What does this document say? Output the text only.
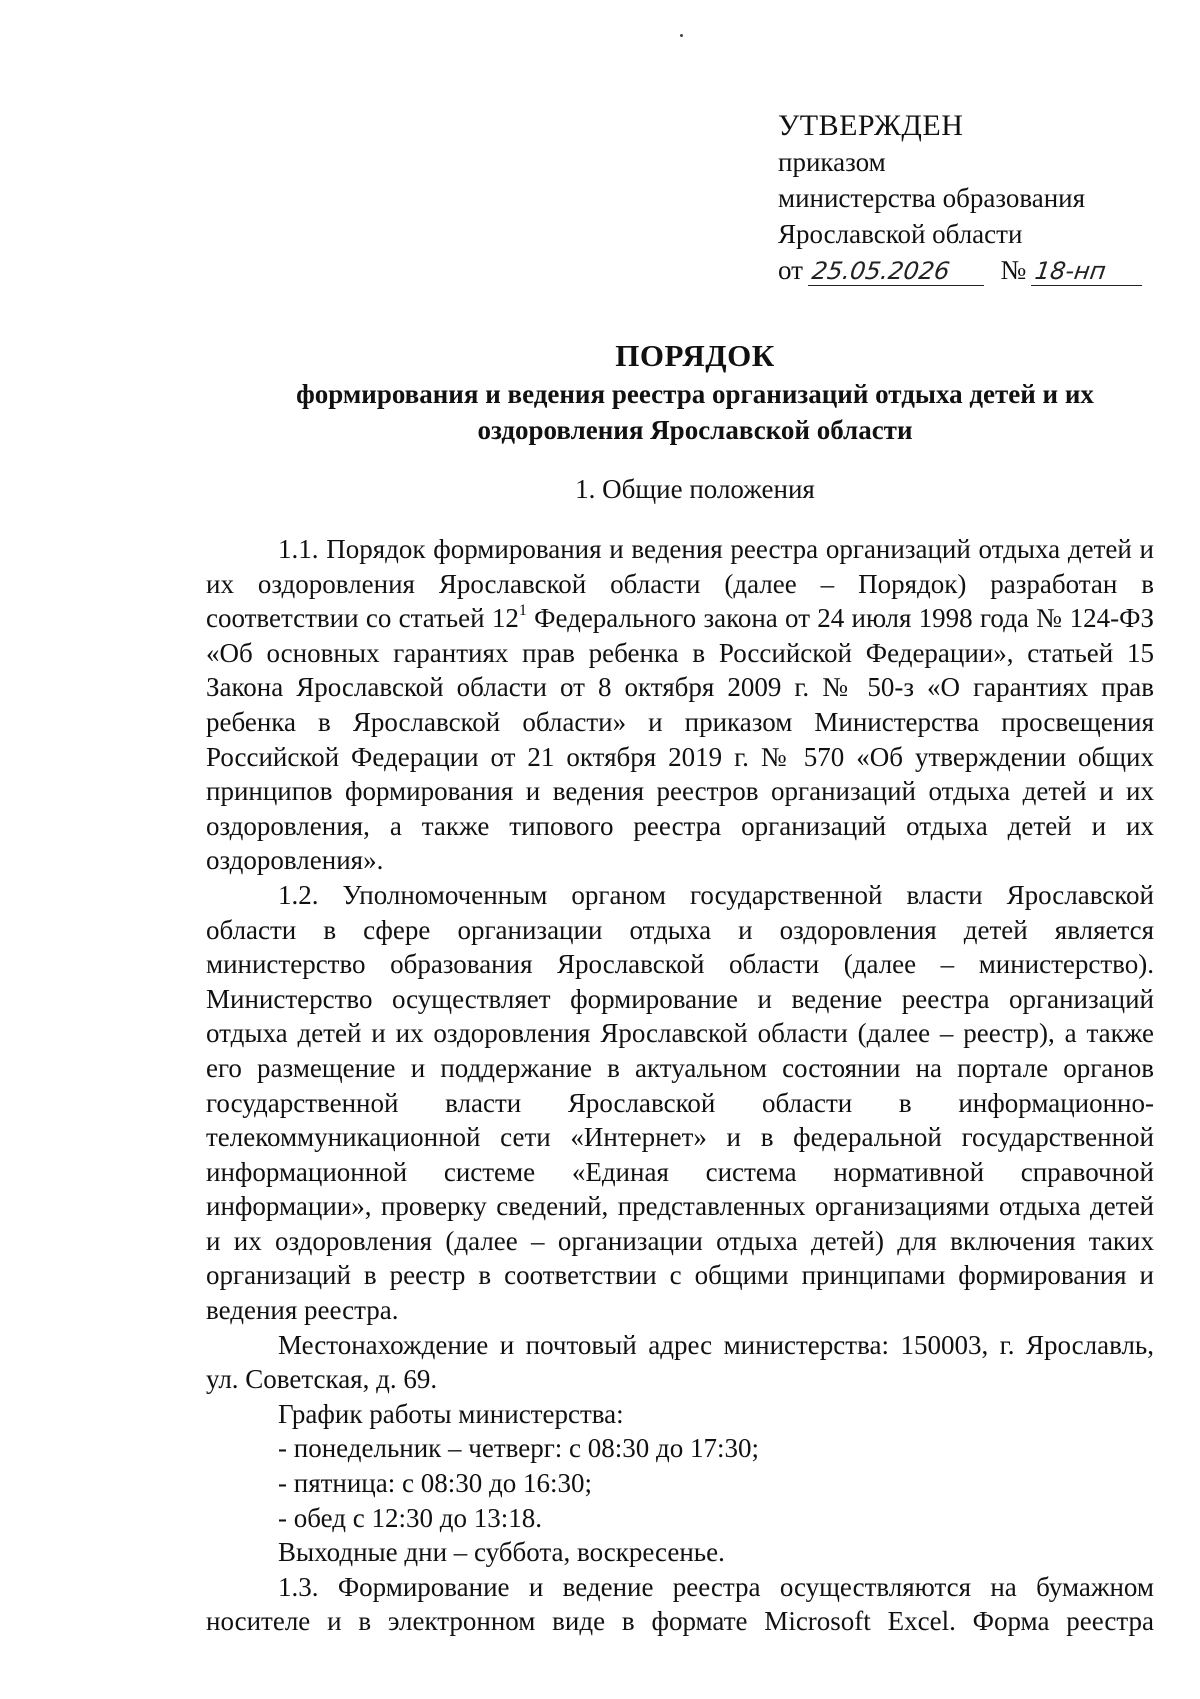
УТВЕРЖДЕН
приказом
министерства образования
Ярославской области
от 25.05.2026 № 18-нп
ПОРЯДОК
формирования и ведения реестра организаций отдыха детей и их
оздоровления Ярославской области
1. Общие положения

1.1. Порядок формирования и ведения реестра организаций отдыха детей и их оздоровления Ярославской области (далее – Порядок) разработан в соответствии со статьей $12^1$ Федерального закона от 24 июля 1998 года № 124-ФЗ «Об основных гарантиях прав ребенка в Российской Федерации», статьей 15 Закона Ярославской области от 8 октября 2009 г. № 50-з «О гарантиях прав ребенка в Ярославской области» и приказом Министерства просвещения Российской Федерации от 21 октября 2019 г. № 570 «Об утверждении общих принципов формирования и ведения реестров организаций отдыха детей и их оздоровления, а также типового реестра организаций отдыха детей и их оздоровления».

1.2. Уполномоченным органом государственной власти Ярославской области в сфере организации отдыха и оздоровления детей является министерство образования Ярославской области (далее – министерство). Министерство осуществляет формирование и ведение реестра организаций отдыха детей и их оздоровления Ярославской области (далее – реестр), а также его размещение и поддержание в актуальном состоянии на портале органов государственной власти Ярославской области в информационно-телекоммуникационной сети «Интернет» и в федеральной государственной информационной системе «Единая система нормативной справочной информации», проверку сведений, представленных организациями отдыха детей и их оздоровления (далее – организации отдыха детей) для включения таких организаций в реестр в соответствии с общими принципами формирования и ведения реестра.

Местонахождение и почтовый адрес министерства: 150003, г. Ярославль, ул. Советская, д. 69.

График работы министерства:

- понедельник – четверг: с 08:30 до 17:30;

- пятница: с 08:30 до 16:30;

- обед с 12:30 до 13:18.

Выходные дни – суббота, воскресенье.

1.3. Формирование и ведение реестра осуществляются на бумажном носителе и в электронном виде в формате Microsoft Excel. Форма реестра
